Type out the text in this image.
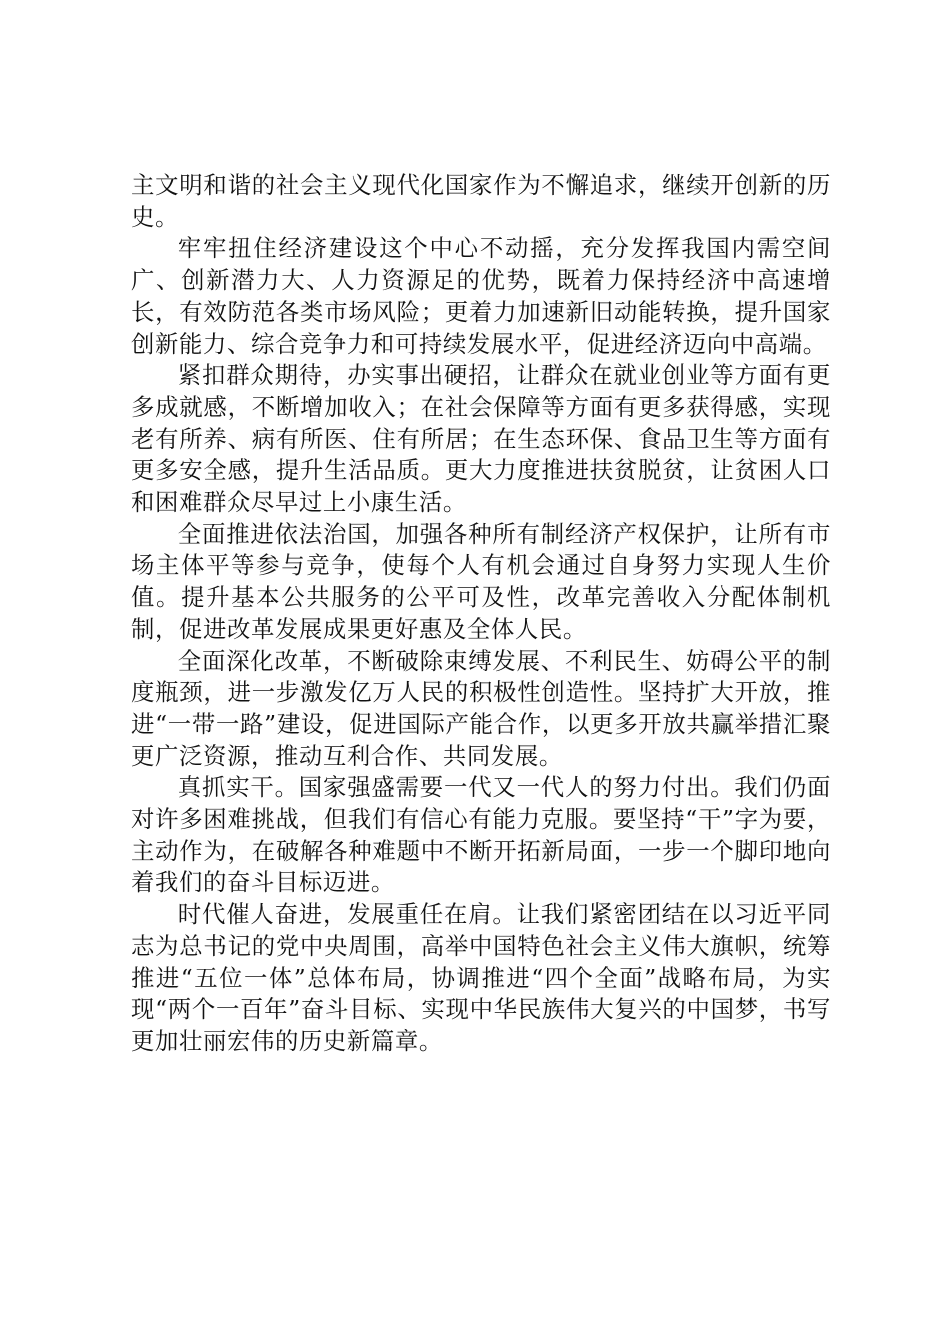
主文明和谐的社会主义现代化国家作为不懈追求，继续开创新的历史。

牢牢扭住经济建设这个中心不动摇，充分发挥我国内需空间广、创新潜力大、人力资源足的优势，既着力保持经济中高速增长，有效防范各类市场风险；更着力加速新旧动能转换，提升国家创新能力、综合竞争力和可持续发展水平，促进经济迈向中高端。

紧扣群众期待，办实事出硬招，让群众在就业创业等方面有更多成就感，不断增加收入；在社会保障等方面有更多获得感，实现老有所养、病有所医、住有所居；在生态环保、食品卫生等方面有更多安全感，提升生活品质。更大力度推进扶贫脱贫，让贫困人口和困难群众尽早过上小康生活。

全面推进依法治国，加强各种所有制经济产权保护，让所有市场主体平等参与竞争，使每个人有机会通过自身努力实现人生价值。提升基本公共服务的公平可及性，改革完善收入分配体制机制，促进改革发展成果更好惠及全体人民。

全面深化改革，不断破除束缚发展、不利民生、妨碍公平的制度瓶颈，进一步激发亿万人民的积极性创造性。坚持扩大开放，推进“一带一路”建设，促进国际产能合作，以更多开放共赢举措汇聚更广泛资源，推动互利合作、共同发展。

真抓实干。国家强盛需要一代又一代人的努力付出。我们仍面对许多困难挑战，但我们有信心有能力克服。要坚持“干”字为要，主动作为，在破解各种难题中不断开拓新局面，一步一个脚印地向着我们的奋斗目标迈进。

时代催人奋进，发展重任在肩。让我们紧密团结在以习近平同志为总书记的党中央周围，高举中国特色社会主义伟大旗帜，统筹推进“五位一体”总体布局，协调推进“四个全面”战略布局，为实现“两个一百年”奋斗目标、实现中华民族伟大复兴的中国梦，书写更加壮丽宏伟的历史新篇章。
